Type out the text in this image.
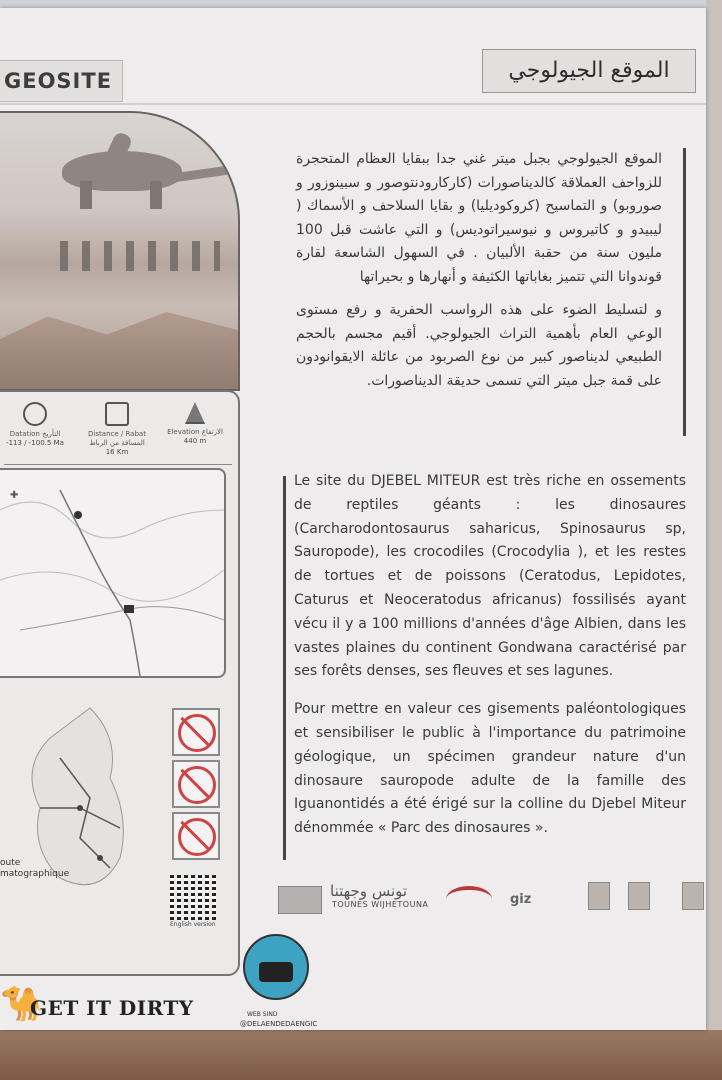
GEOSITE	الموقع الجيولوجي
Datation التأريخ
-113 / -100.5 Ma
Distance / Rabat المسافة من الرباط
16 Km
Elevation الارتفاع
440 m
✚
oute
matographique
English version
🐪
GET IT DIRTY	WEB SIND
@DELAENDEDAENGIC

الموقع الجيولوجي بجبل ميتر غني جدا ببقايا العظام المتحجرة للزواحف العملاقة كالديناصورات (كاركارودنتوصور و سبينوزور و صوروبو) و التماسيح (كروكوديليا) و بقايا السلاحف و الأسماك ( ليبيدو و كاتيروس و نيوسيراتوديس) و التي عاشت قبل 100 مليون سنة من حقبة الألبيان . في السهول الشاسعة لقارة قوندوانا التي تتميز بغاباتها الكثيفة و أنهارها و بحيراتها

و لتسليط الضوء على هذه الرواسب الحفرية و رفع مستوى الوعي العام بأهمية التراث الجيولوجي. أقيم مجسم بالحجم الطبيعي لديناصور كبير من نوع الصربود من عائلة الايقوانودون على قمة جبل ميتر التي تسمى حديقة الديناصورات.

Le site du DJEBEL MITEUR est très riche en ossements de reptiles géants : les dinosaures (Carcharodontosaurus saharicus, Spinosaurus sp, Sauropode), les crocodiles (Crocodylia ), et les restes de tortues et de poissons (Ceratodus, Lepidotes, Caturus et Neoceratodus africanus) fossilisés ayant vécu il y a 100 millions d'années d'âge Albien, dans les vastes plaines du continent Gondwana caractérisé par ses forêts denses, ses fleuves et ses lagunes.

Pour mettre en valeur ces gisements paléontologiques et sensibiliser le public à l'importance du patrimoine géologique, un spécimen grandeur nature d'un dinosaure sauropode adulte de la famille des Iguanontidés a été érigé sur la colline du Djebel Miteur dénommée « Parc des dinosaures ».

تونس وجهتنا
TOUNES WIJHETOUNA	giz
